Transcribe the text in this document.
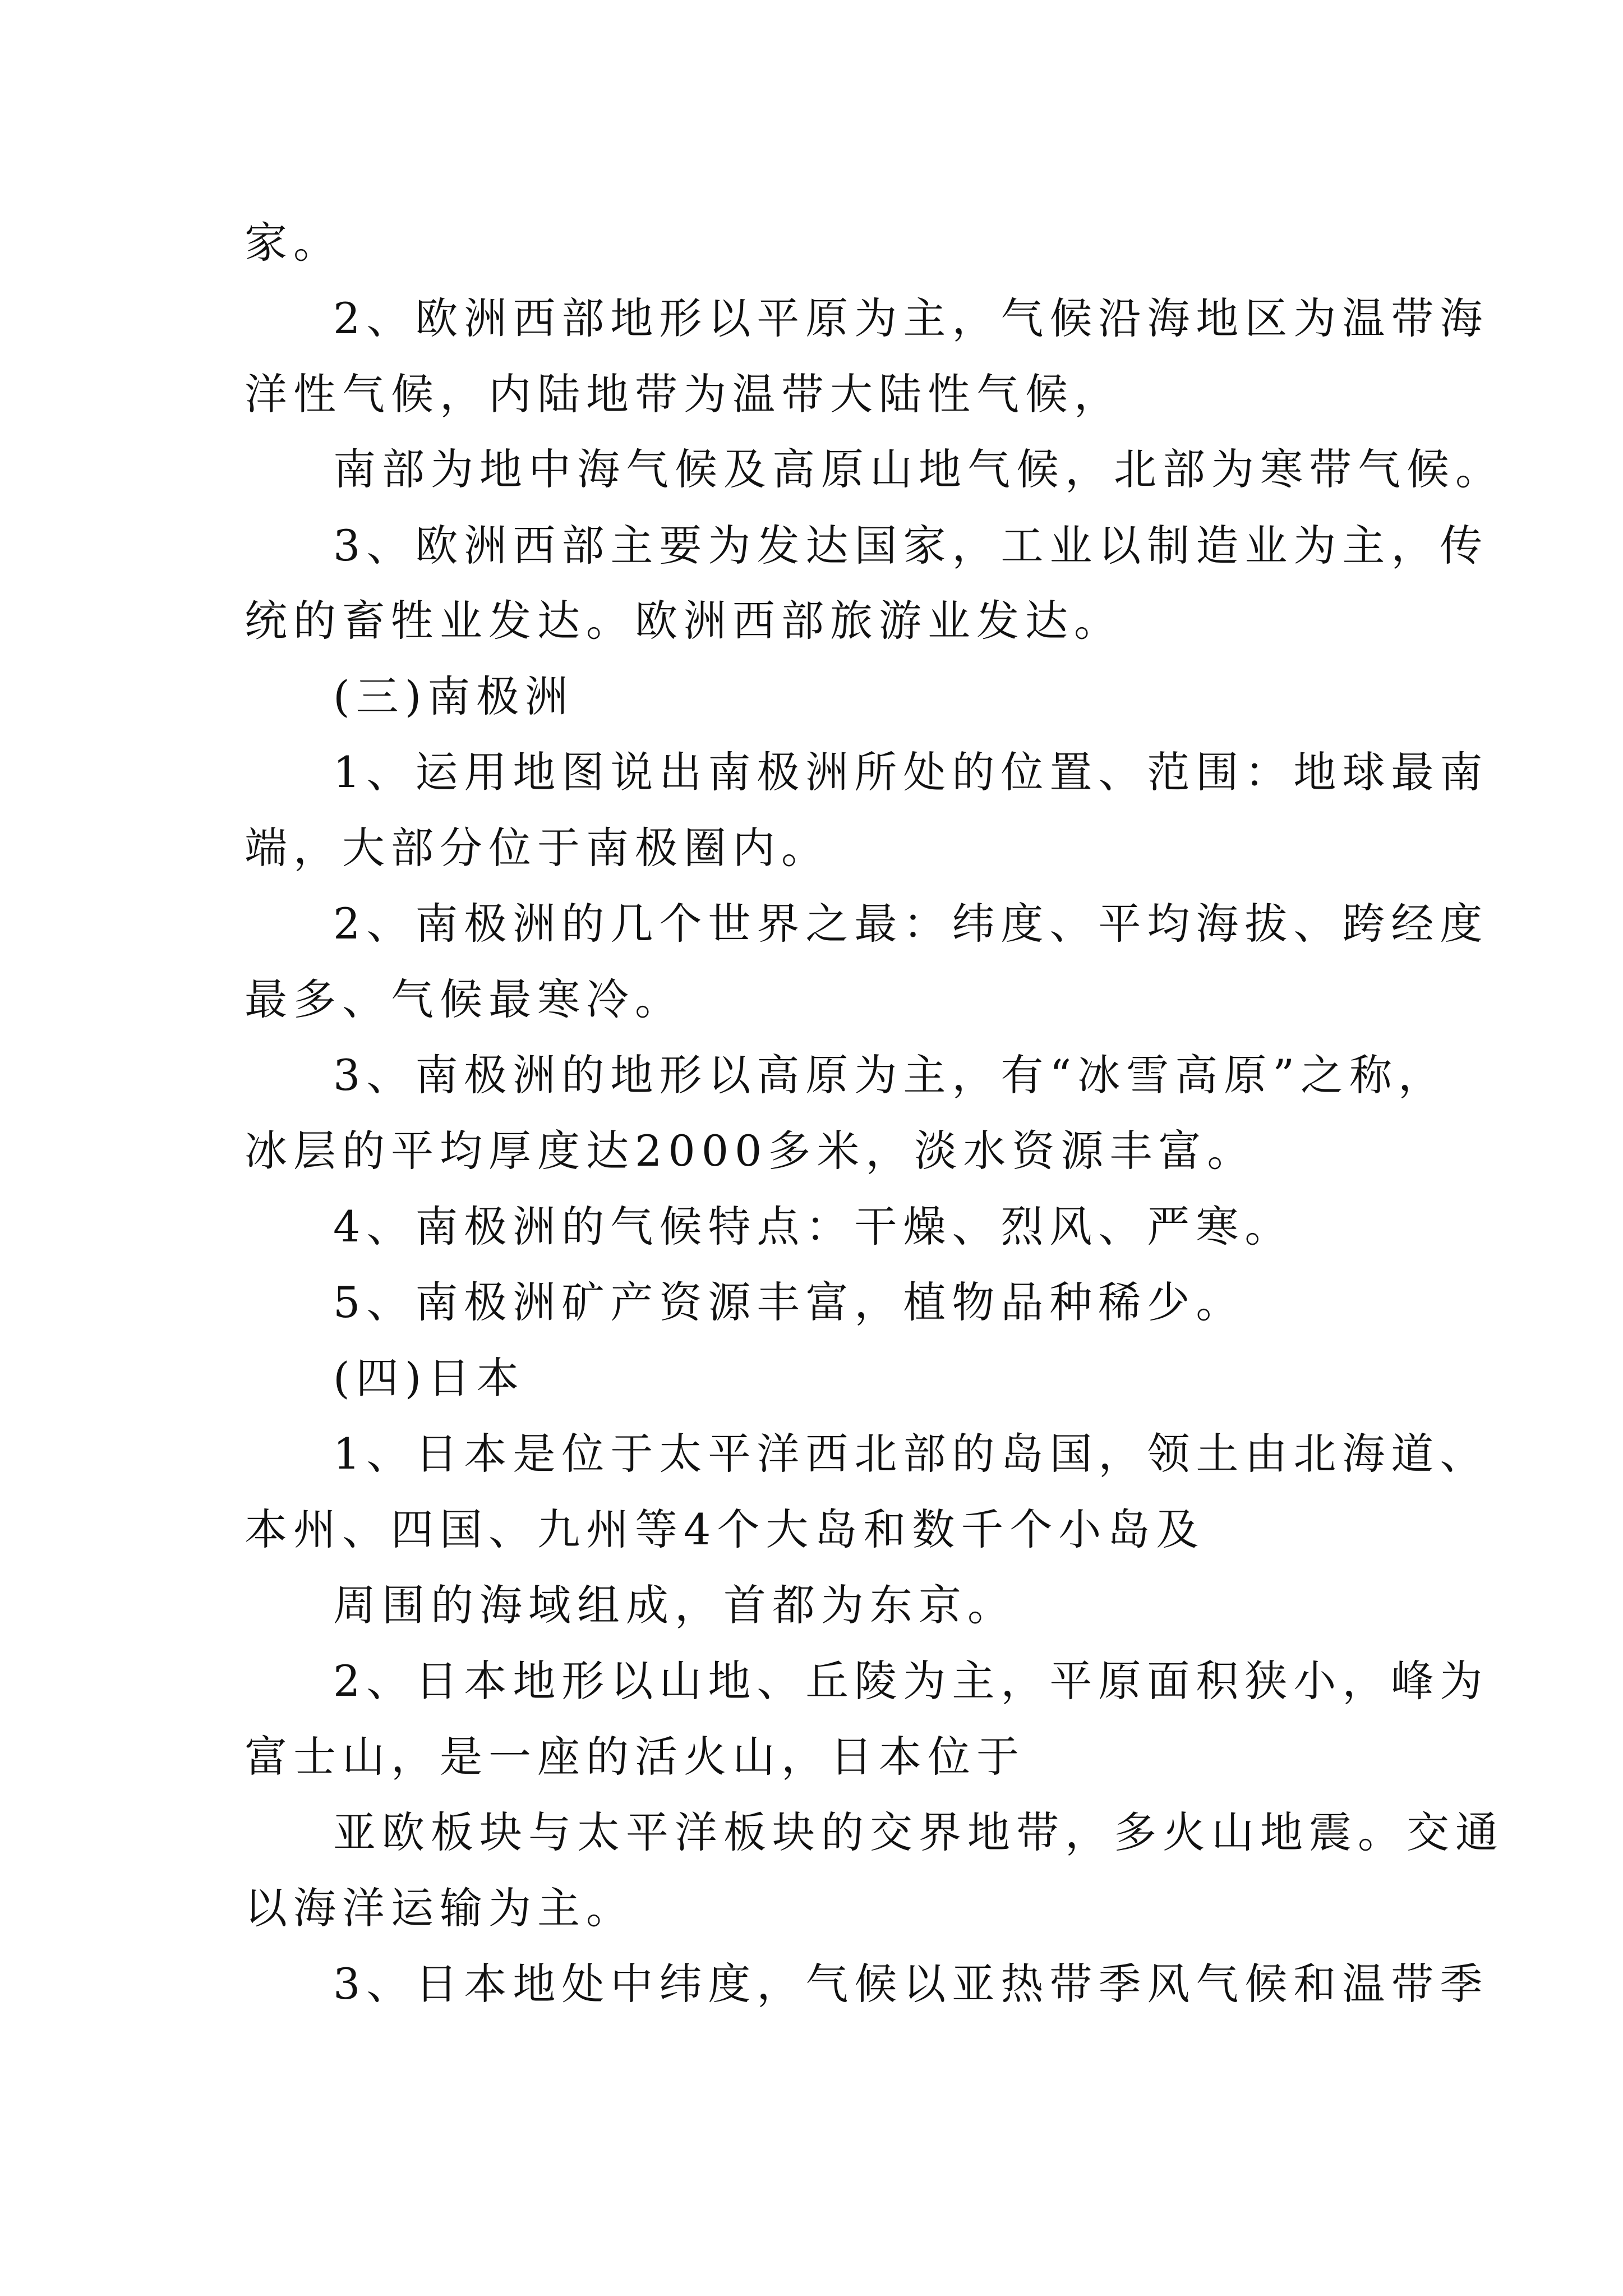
家。
2、欧洲西部地形以平原为主，气候沿海地区为温带海
洋性气候，内陆地带为温带大陆性气候，
南部为地中海气候及高原山地气候，北部为寒带气候。
3、欧洲西部主要为发达国家，工业以制造业为主，传
统的畜牲业发达。欧洲西部旅游业发达。
(三)南极洲
1、运用地图说出南极洲所处的位置、范围：地球最南
端，大部分位于南极圈内。
2、南极洲的几个世界之最：纬度、平均海拔、跨经度
最多、气候最寒冷。
3、南极洲的地形以高原为主，有“冰雪高原”之称，
冰层的平均厚度达2000多米，淡水资源丰富。
4、南极洲的气候特点：干燥、烈风、严寒。
5、南极洲矿产资源丰富，植物品种稀少。
(四)日本
1、日本是位于太平洋西北部的岛国，领土由北海道、
本州、四国、九州等4个大岛和数千个小岛及
周围的海域组成，首都为东京。
2、日本地形以山地、丘陵为主，平原面积狭小，峰为
富士山，是一座的活火山，日本位于
亚欧板块与太平洋板块的交界地带，多火山地震。交通
以海洋运输为主。
3、日本地处中纬度，气候以亚热带季风气候和温带季
